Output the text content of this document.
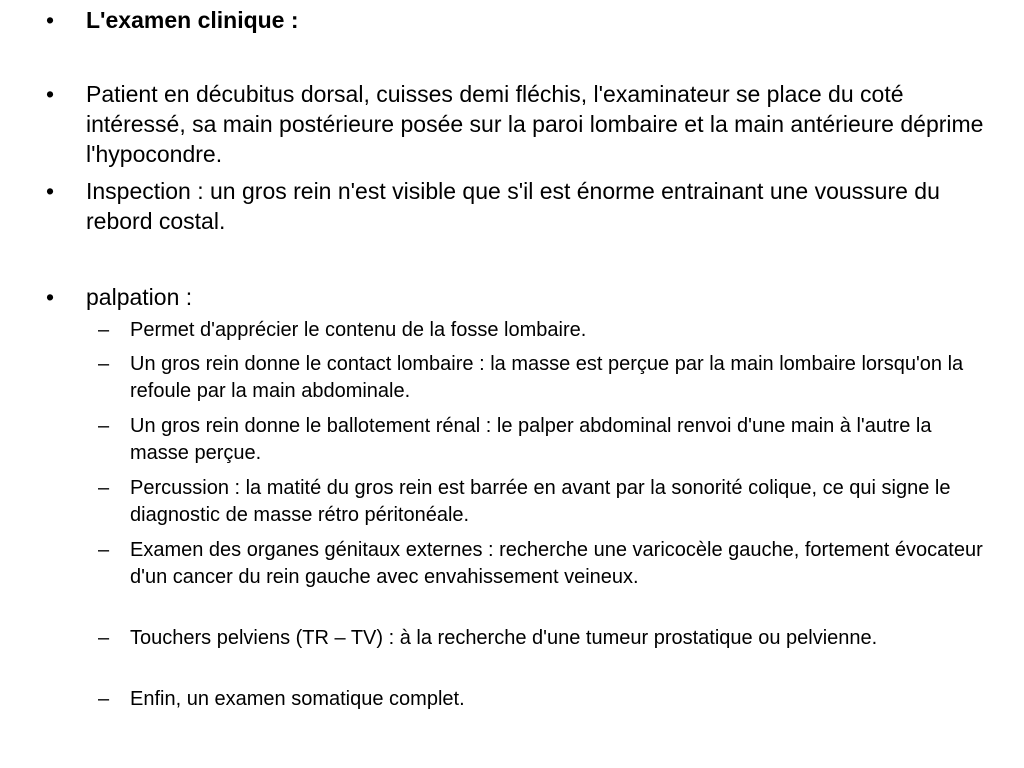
• L'examen clinique :
• Patient en décubitus dorsal, cuisses demi fléchis, l'examinateur se place du coté intéressé, sa main postérieure posée sur la paroi lombaire et la main antérieure déprime l'hypocondre.
• Inspection : un gros rein n'est visible que s'il est énorme entrainant une voussure du rebord costal.
• palpation :
– Permet d'apprécier le contenu de la fosse lombaire.
– Un gros rein donne le contact lombaire : la masse est perçue par la main lombaire lorsqu'on la refoule par la main abdominale.
– Un gros rein donne le ballotement rénal : le palper abdominal renvoi d'une main à l'autre la masse perçue.
– Percussion : la matité du gros rein est barrée en avant par la sonorité colique, ce qui signe le diagnostic de masse rétro péritonéale.
– Examen des organes génitaux externes : recherche une varicocèle gauche, fortement évocateur d'un cancer du rein gauche avec envahissement veineux.
– Touchers pelviens (TR – TV) : à la recherche d'une tumeur prostatique ou pelvienne.
– Enfin, un examen somatique complet.
